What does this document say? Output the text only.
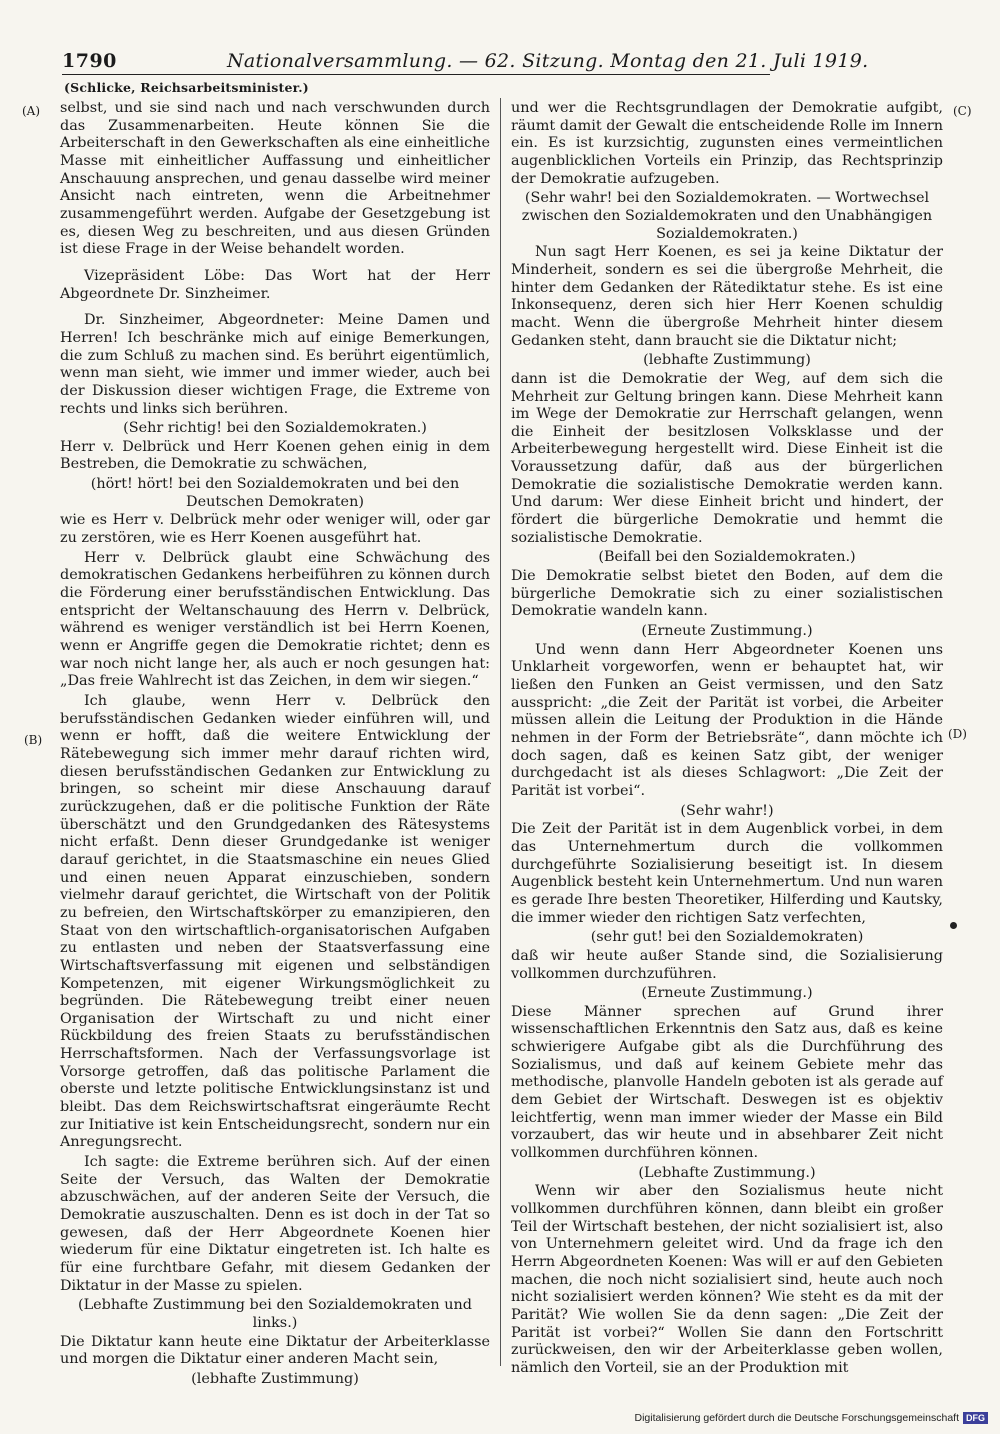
1790	Nationalversammlung. — 62. Sitzung. Montag den 21. Juli 1919.
(Schlicke, Reichsarbeitsminister.)
(A)
(B)
(C)
(D)

selbst, und sie sind nach und nach verschwunden durch das Zusammenarbeiten. Heute können Sie die Arbeiterschaft in den Gewerkschaften als eine einheitliche Masse mit einheitlicher Auffassung und einheitlicher Anschauung ansprechen, und genau dasselbe wird meiner Ansicht nach eintreten, wenn die Arbeitnehmer zusammengeführt werden. Aufgabe der Gesetzgebung ist es, diesen Weg zu beschreiten, und aus diesen Gründen ist diese Frage in der Weise behandelt worden.

Vizepräsident Löbe: Das Wort hat der Herr Abgeordnete Dr. Sinzheimer.

Dr. Sinzheimer, Abgeordneter: Meine Damen und Herren! Ich beschränke mich auf einige Bemerkungen, die zum Schluß zu machen sind. Es berührt eigentümlich, wenn man sieht, wie immer und immer wieder, auch bei der Diskussion dieser wichtigen Frage, die Extreme von rechts und links sich berühren.

(Sehr richtig! bei den Sozialdemokraten.)

Herr v. Delbrück und Herr Koenen gehen einig in dem Bestreben, die Demokratie zu schwächen,

(hört! hört! bei den Sozialdemokraten und bei den Deutschen Demokraten)

wie es Herr v. Delbrück mehr oder weniger will, oder gar zu zerstören, wie es Herr Koenen ausgeführt hat.

Herr v. Delbrück glaubt eine Schwächung des demokratischen Gedankens herbeiführen zu können durch die Förderung einer berufsständischen Entwicklung. Das entspricht der Weltanschauung des Herrn v. Delbrück, während es weniger verständlich ist bei Herrn Koenen, wenn er Angriffe gegen die Demokratie richtet; denn es war noch nicht lange her, als auch er noch gesungen hat: „Das freie Wahlrecht ist das Zeichen, in dem wir siegen.“

Ich glaube, wenn Herr v. Delbrück den berufsständischen Gedanken wieder einführen will, und wenn er hofft, daß die weitere Entwicklung der Rätebewegung sich immer mehr darauf richten wird, diesen berufsständischen Gedanken zur Entwicklung zu bringen, so scheint mir diese Anschauung darauf zurückzugehen, daß er die politische Funktion der Räte überschätzt und den Grundgedanken des Rätesystems nicht erfaßt. Denn dieser Grundgedanke ist weniger darauf gerichtet, in die Staatsmaschine ein neues Glied und einen neuen Apparat einzuschieben, sondern vielmehr darauf gerichtet, die Wirtschaft von der Politik zu befreien, den Wirtschaftskörper zu emanzipieren, den Staat von den wirtschaftlich-organisatorischen Aufgaben zu entlasten und neben der Staatsverfassung eine Wirtschaftsverfassung mit eigenen und selbständigen Kompetenzen, mit eigener Wirkungsmöglichkeit zu begründen. Die Rätebewegung treibt einer neuen Organisation der Wirtschaft zu und nicht einer Rückbildung des freien Staats zu berufsständischen Herrschaftsformen. Nach der Verfassungsvorlage ist Vorsorge getroffen, daß das politische Parlament die oberste und letzte politische Entwicklungsinstanz ist und bleibt. Das dem Reichswirtschaftsrat eingeräumte Recht zur Initiative ist kein Entscheidungsrecht, sondern nur ein Anregungsrecht.

Ich sagte: die Extreme berühren sich. Auf der einen Seite der Versuch, das Walten der Demokratie abzuschwächen, auf der anderen Seite der Versuch, die Demokratie auszuschalten. Denn es ist doch in der Tat so gewesen, daß der Herr Abgeordnete Koenen hier wiederum für eine Diktatur eingetreten ist. Ich halte es für eine furchtbare Gefahr, mit diesem Gedanken der Diktatur in der Masse zu spielen.

(Lebhafte Zustimmung bei den Sozialdemokraten und links.)

Die Diktatur kann heute eine Diktatur der Arbeiterklasse und morgen die Diktatur einer anderen Macht sein,

(lebhafte Zustimmung)

und wer die Rechtsgrundlagen der Demokratie aufgibt, räumt damit der Gewalt die entscheidende Rolle im Innern ein. Es ist kurzsichtig, zugunsten eines vermeintlichen augenblicklichen Vorteils ein Prinzip, das Rechtsprinzip der Demokratie aufzugeben.

(Sehr wahr! bei den Sozialdemokraten. — Wortwechsel zwischen den Sozialdemokraten und den Unabhängigen Sozialdemokraten.)

Nun sagt Herr Koenen, es sei ja keine Diktatur der Minderheit, sondern es sei die übergroße Mehrheit, die hinter dem Gedanken der Rätediktatur stehe. Es ist eine Inkonsequenz, deren sich hier Herr Koenen schuldig macht. Wenn die übergroße Mehrheit hinter diesem Gedanken steht, dann braucht sie die Diktatur nicht;

(lebhafte Zustimmung)

dann ist die Demokratie der Weg, auf dem sich die Mehrheit zur Geltung bringen kann. Diese Mehrheit kann im Wege der Demokratie zur Herrschaft gelangen, wenn die Einheit der besitzlosen Volksklasse und der Arbeiterbewegung hergestellt wird. Diese Einheit ist die Voraussetzung dafür, daß aus der bürgerlichen Demokratie die sozialistische Demokratie werden kann. Und darum: Wer diese Einheit bricht und hindert, der fördert die bürgerliche Demokratie und hemmt die sozialistische Demokratie.

(Beifall bei den Sozialdemokraten.)

Die Demokratie selbst bietet den Boden, auf dem die bürgerliche Demokratie sich zu einer sozialistischen Demokratie wandeln kann.

(Erneute Zustimmung.)

Und wenn dann Herr Abgeordneter Koenen uns Unklarheit vorgeworfen, wenn er behauptet hat, wir ließen den Funken an Geist vermissen, und den Satz ausspricht: „die Zeit der Parität ist vorbei, die Arbeiter müssen allein die Leitung der Produktion in die Hände nehmen in der Form der Betriebsräte“, dann möchte ich doch sagen, daß es keinen Satz gibt, der weniger durchgedacht ist als dieses Schlagwort: „Die Zeit der Parität ist vorbei“.

(Sehr wahr!)

Die Zeit der Parität ist in dem Augenblick vorbei, in dem das Unternehmertum durch die vollkommen durchgeführte Sozialisierung beseitigt ist. In diesem Augenblick besteht kein Unternehmertum. Und nun waren es gerade Ihre besten Theoretiker, Hilferding und Kautsky, die immer wieder den richtigen Satz verfechten,

(sehr gut! bei den Sozialdemokraten)

daß wir heute außer Stande sind, die Sozialisierung vollkommen durchzuführen.

(Erneute Zustimmung.)

Diese Männer sprechen auf Grund ihrer wissenschaftlichen Erkenntnis den Satz aus, daß es keine schwierigere Aufgabe gibt als die Durchführung des Sozialismus, und daß auf keinem Gebiete mehr das methodische, planvolle Handeln geboten ist als gerade auf dem Gebiet der Wirtschaft. Deswegen ist es objektiv leichtfertig, wenn man immer wieder der Masse ein Bild vorzaubert, das wir heute und in absehbarer Zeit nicht vollkommen durchführen können.

(Lebhafte Zustimmung.)

Wenn wir aber den Sozialismus heute nicht vollkommen durchführen können, dann bleibt ein großer Teil der Wirtschaft bestehen, der nicht sozialisiert ist, also von Unternehmern geleitet wird. Und da frage ich den Herrn Abgeordneten Koenen: Was will er auf den Gebieten machen, die noch nicht sozialisiert sind, heute auch noch nicht sozialisiert werden können? Wie steht es da mit der Parität? Wie wollen Sie da denn sagen: „Die Zeit der Parität ist vorbei?“ Wollen Sie dann den Fortschritt zurückweisen, den wir der Arbeiterklasse geben wollen, nämlich den Vorteil, sie an der Produktion mit

Digitalisierung gefördert durch die Deutsche Forschungsgemeinschaft DFG
